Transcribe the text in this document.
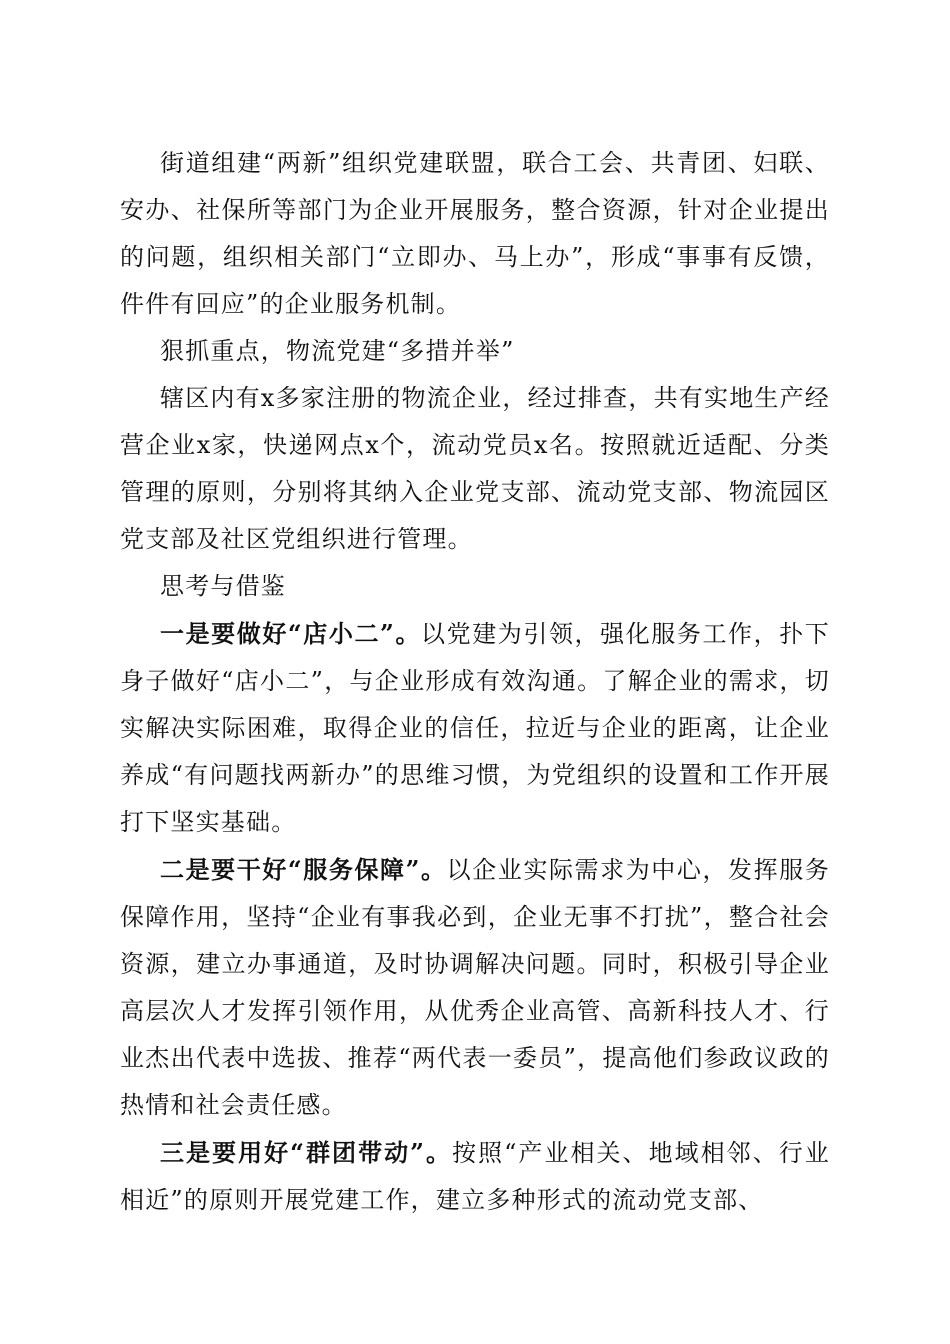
街道组建“两新”组织党建联盟，联合工会、共青团、妇联、安办、社保所等部门为企业开展服务，整合资源，针对企业提出的问题，组织相关部门“立即办、马上办”，形成“事事有反馈，件件有回应”的企业服务机制。

狠抓重点，物流党建“多措并举”

辖区内有x多家注册的物流企业，经过排查，共有实地生产经营企业x家，快递网点x个，流动党员x名。按照就近适配、分类管理的原则，分别将其纳入企业党支部、流动党支部、物流园区党支部及社区党组织进行管理。

思考与借鉴

一是要做好“店小二”。以党建为引领，强化服务工作，扑下身子做好“店小二”，与企业形成有效沟通。了解企业的需求，切实解决实际困难，取得企业的信任，拉近与企业的距离，让企业养成“有问题找两新办”的思维习惯，为党组织的设置和工作开展打下坚实基础。

二是要干好“服务保障”。以企业实际需求为中心，发挥服务保障作用，坚持“企业有事我必到，企业无事不打扰”，整合社会资源，建立办事通道，及时协调解决问题。同时，积极引导企业高层次人才发挥引领作用，从优秀企业高管、高新科技人才、行业杰出代表中选拔、推荐“两代表一委员”，提高他们参政议政的热情和社会责任感。

三是要用好“群团带动”。按照“产业相关、地域相邻、行业相近”的原则开展党建工作，建立多种形式的流动党支部、
